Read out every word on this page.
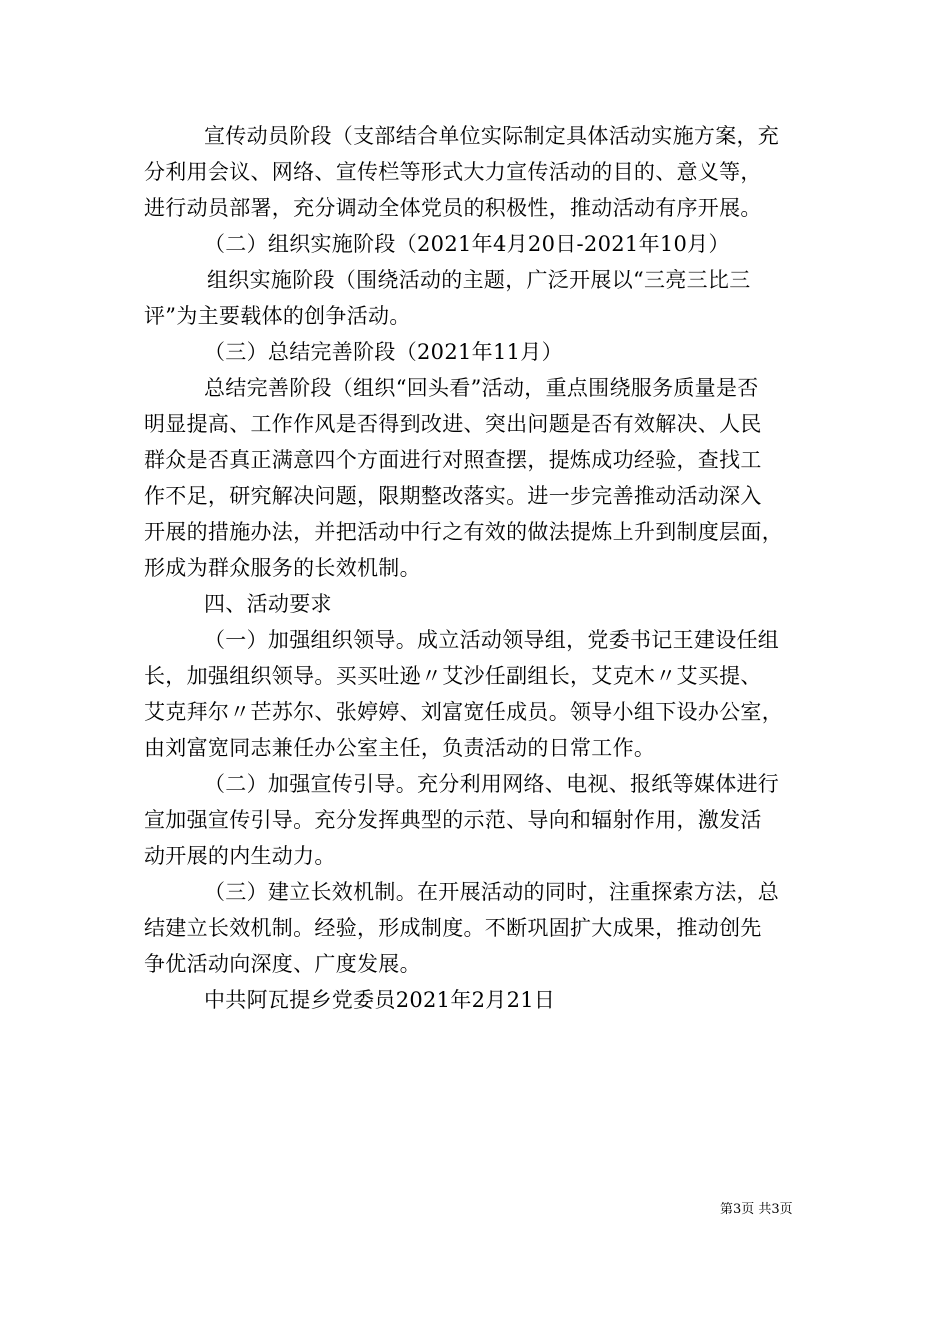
宣传动员阶段（支部结合单位实际制定具体活动实施方案，充
分利用会议、网络、宣传栏等形式大力宣传活动的目的、意义等，
进行动员部署，充分调动全体党员的积极性，推动活动有序开展。
（二）组织实施阶段（2021年4月20日-2021年10月）
组织实施阶段（围绕活动的主题，广泛开展以“三亮三比三
评”为主要载体的创争活动。
（三）总结完善阶段（2021年11月）
总结完善阶段（组织“回头看”活动，重点围绕服务质量是否
明显提高、工作作风是否得到改进、突出问题是否有效解决、人民
群众是否真正满意四个方面进行对照查摆，提炼成功经验，查找工
作不足，研究解决问题，限期整改落实。进一步完善推动活动深入
开展的措施办法，并把活动中行之有效的做法提炼上升到制度层面，
形成为群众服务的长效机制。
四、活动要求
（一）加强组织领导。成立活动领导组，党委书记王建设任组
长，加强组织领导。买买吐逊〃艾沙任副组长，艾克木〃艾买提、
艾克拜尔〃芒苏尔、张婷婷、刘富宽任成员。领导小组下设办公室，
由刘富宽同志兼任办公室主任，负责活动的日常工作。
（二）加强宣传引导。充分利用网络、电视、报纸等媒体进行
宣加强宣传引导。充分发挥典型的示范、导向和辐射作用，激发活
动开展的内生动力。
（三）建立长效机制。在开展活动的同时，注重探索方法，总
结建立长效机制。经验，形成制度。不断巩固扩大成果，推动创先
争优活动向深度、广度发展。
中共阿瓦提乡党委员2021年2月21日
第3页 共3页
